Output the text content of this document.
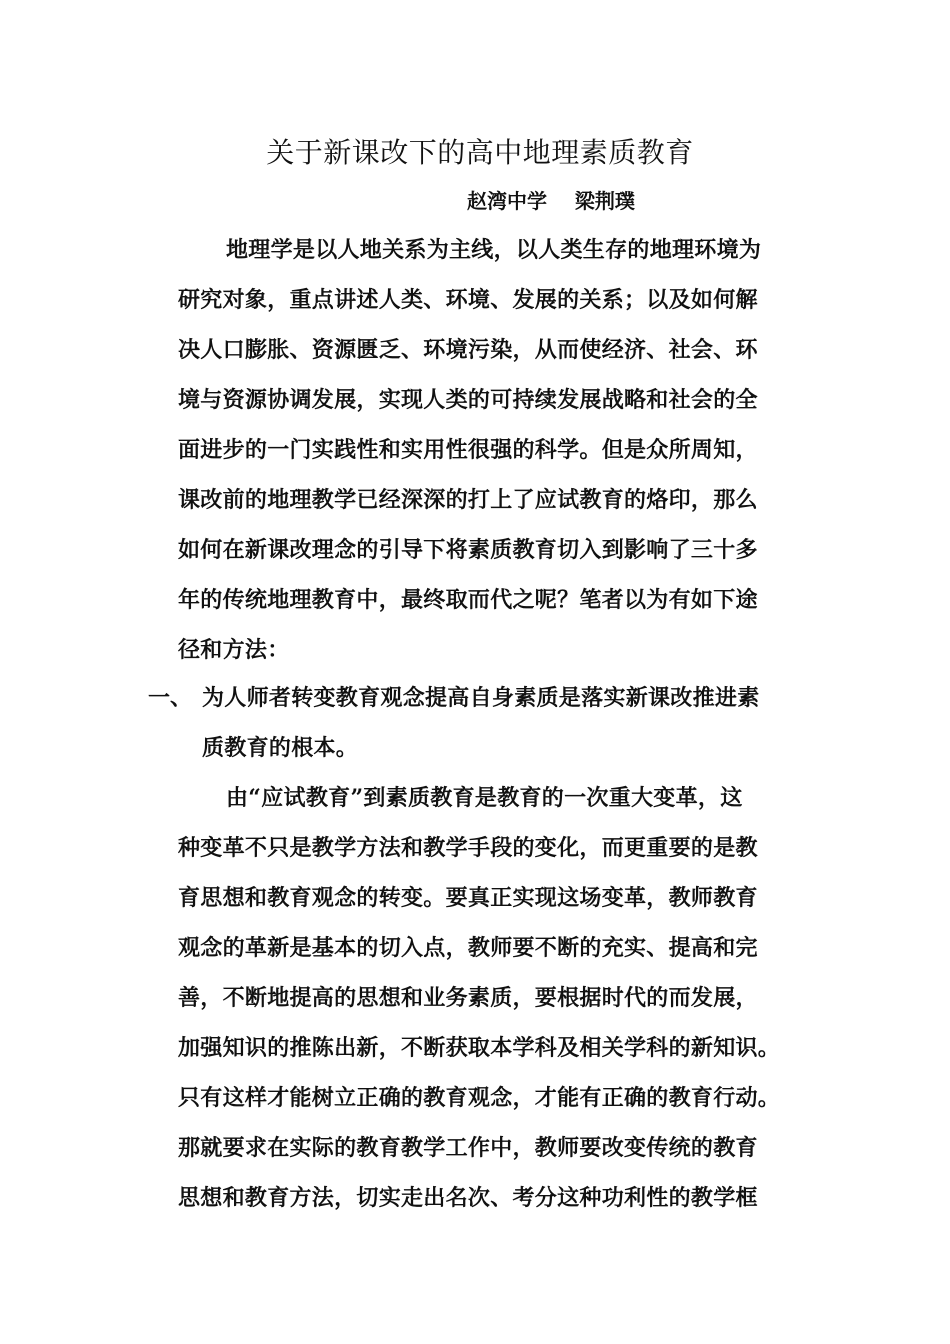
关于新课改下的高中地理素质教育
赵湾中学    梁荆璞
地理学是以人地关系为主线，以人类生存的地理环境为
研究对象，重点讲述人类、环境、发展的关系；以及如何解
决人口膨胀、资源匮乏、环境污染，从而使经济、社会、环
境与资源协调发展，实现人类的可持续发展战略和社会的全
面进步的一门实践性和实用性很强的科学。但是众所周知，
课改前的地理教学已经深深的打上了应试教育的烙印，那么
如何在新课改理念的引导下将素质教育切入到影响了三十多
年的传统地理教育中，最终取而代之呢？笔者以为有如下途
径和方法：
一、 为人师者转变教育观念提高自身素质是落实新课改推进素
质教育的根本。
由“应试教育”到素质教育是教育的一次重大变革，这
种变革不只是教学方法和教学手段的变化，而更重要的是教
育思想和教育观念的转变。要真正实现这场变革，教师教育
观念的革新是基本的切入点，教师要不断的充实、提高和完
善，不断地提高的思想和业务素质，要根据时代的而发展，
加强知识的推陈出新，不断获取本学科及相关学科的新知识。
只有这样才能树立正确的教育观念，才能有正确的教育行动。
那就要求在实际的教育教学工作中，教师要改变传统的教育
思想和教育方法，切实走出名次、考分这种功利性的教学框
